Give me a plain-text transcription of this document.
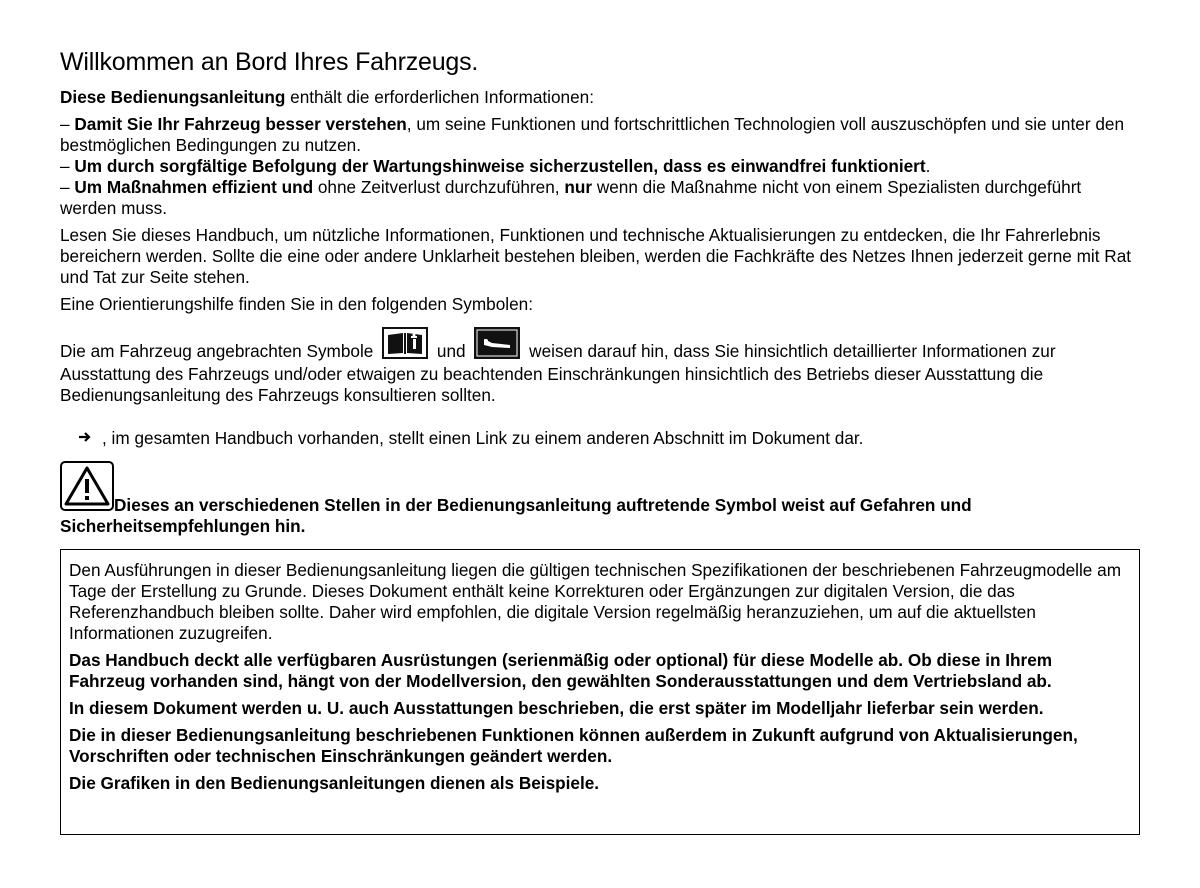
Willkommen an Bord Ihres Fahrzeugs.

Diese Bedienungsanleitung enthält die erforderlichen Informationen:

– Damit Sie Ihr Fahrzeug besser verstehen, um seine Funktionen und fortschrittlichen Technologien voll auszuschöpfen und sie unter den bestmöglichen Bedingungen zu nutzen.

– Um durch sorgfältige Befolgung der Wartungshinweise sicherzustellen, dass es einwandfrei funktioniert.

– Um Maßnahmen effizient und ohne Zeitverlust durchzuführen, nur wenn die Maßnahme nicht von einem Spezialisten durchgeführt werden muss.

Lesen Sie dieses Handbuch, um nützliche Informationen, Funktionen und technische Aktualisierungen zu entdecken, die Ihr Fahrerlebnis bereichern werden. Sollte die eine oder andere Unklarheit bestehen bleiben, werden die Fachkräfte des Netzes Ihnen jederzeit gerne mit Rat und Tat zur Seite stehen.

Eine Orientierungshilfe finden Sie in den folgenden Symbolen:

Die am Fahrzeug angebrachten Symbole	und	weisen darauf hin, dass Sie hinsichtlich detaillierter Informationen zur Ausstattung des Fahrzeugs und/oder etwaigen zu beachtenden Einschränkungen hinsichtlich des Betriebs dieser Ausstattung die Bedienungsanleitung des Fahrzeugs konsultieren sollten.

, im gesamten Handbuch vorhanden, stellt einen Link zu einem anderen Abschnitt im Dokument dar.

Dieses an verschiedenen Stellen in der Bedienungsanleitung auftretende Symbol weist auf Gefahren und Sicherheitsempfehlungen hin.

Den Ausführungen in dieser Bedienungsanleitung liegen die gültigen technischen Spezifikationen der beschriebenen Fahrzeugmodelle am Tage der Erstellung zu Grunde. Dieses Dokument enthält keine Korrekturen oder Ergänzungen zur digitalen Version, die das Referenzhandbuch bleiben sollte. Daher wird empfohlen, die digitale Version regelmäßig heranzuziehen, um auf die aktuellsten Informationen zuzugreifen.

Das Handbuch deckt alle verfügbaren Ausrüstungen (serienmäßig oder optional) für diese Modelle ab. Ob diese in Ihrem Fahrzeug vorhanden sind, hängt von der Modellversion, den gewählten Sonderausstattungen und dem Vertriebsland ab.

In diesem Dokument werden u. U. auch Ausstattungen beschrieben, die erst später im Modelljahr lieferbar sein werden.

Die in dieser Bedienungsanleitung beschriebenen Funktionen können außerdem in Zukunft aufgrund von Aktualisierungen, Vorschriften oder technischen Einschränkungen geändert werden.

Die Grafiken in den Bedienungsanleitungen dienen als Beispiele.
